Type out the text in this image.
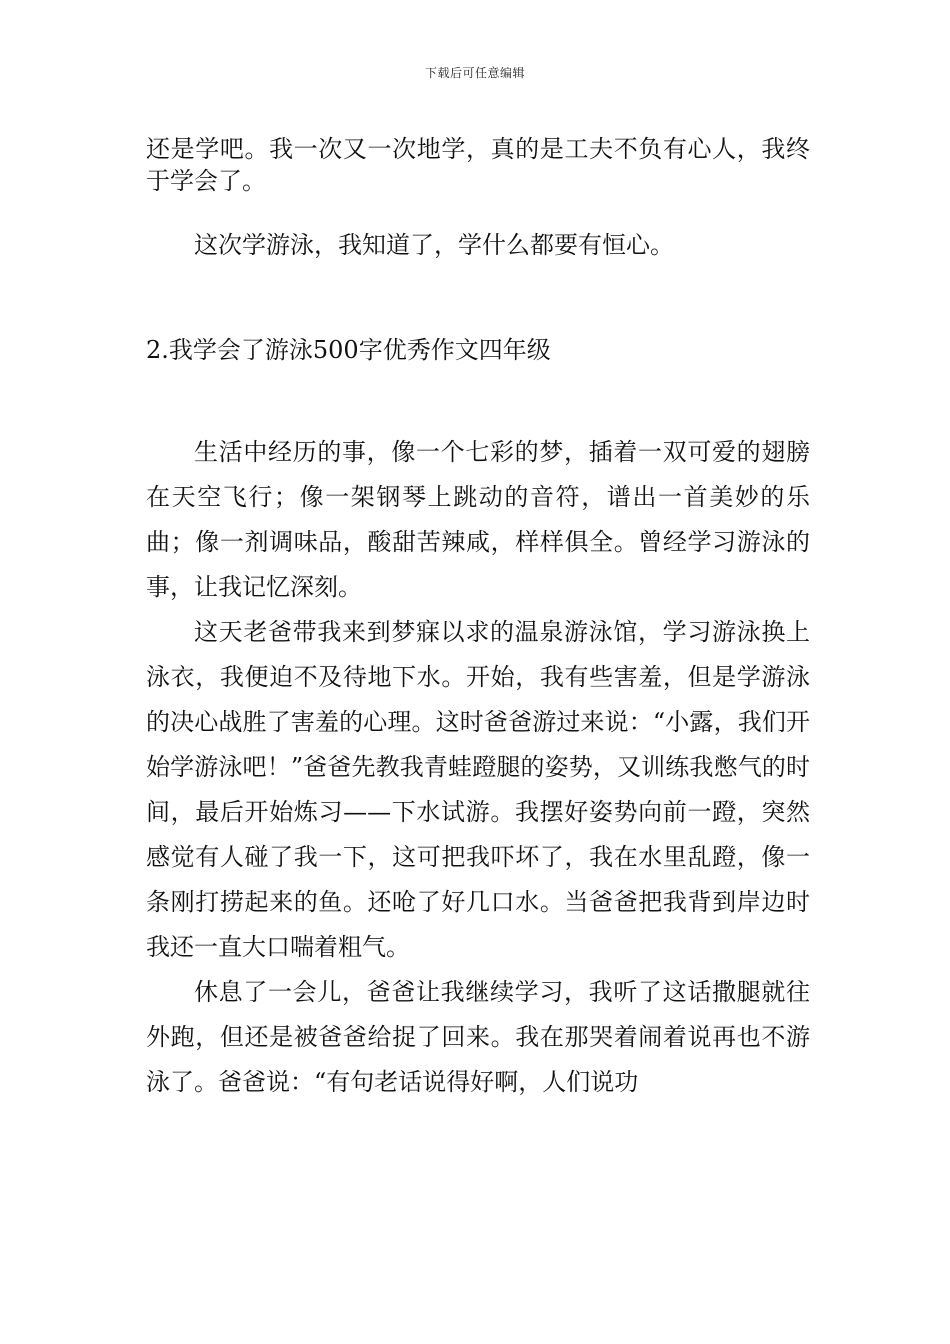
下载后可任意编辑

还是学吧。我一次又一次地学，真的是工夫不负有心人，我终于学会了。

这次学游泳，我知道了，学什么都要有恒心。

2.我学会了游泳500字优秀作文四年级

生活中经历的事，像一个七彩的梦，插着一双可爱的翅膀在天空飞行；像一架钢琴上跳动的音符，谱出一首美妙的乐曲；像一剂调味品，酸甜苦辣咸，样样俱全。曾经学习游泳的事，让我记忆深刻。

这天老爸带我来到梦寐以求的温泉游泳馆，学习游泳换上泳衣，我便迫不及待地下水。开始，我有些害羞，但是学游泳的决心战胜了害羞的心理。这时爸爸游过来说：“小露，我们开始学游泳吧！”爸爸先教我青蛙蹬腿的姿势，又训练我憋气的时间，最后开始炼习——下水试游。我摆好姿势向前一蹬，突然感觉有人碰了我一下，这可把我吓坏了，我在水里乱蹬，像一条刚打捞起来的鱼。还呛了好几口水。当爸爸把我背到岸边时我还一直大口喘着粗气。

休息了一会儿，爸爸让我继续学习，我听了这话撒腿就往外跑，但还是被爸爸给捉了回来。我在那哭着闹着说再也不游泳了。爸爸说：“有句老话说得好啊，人们说功
